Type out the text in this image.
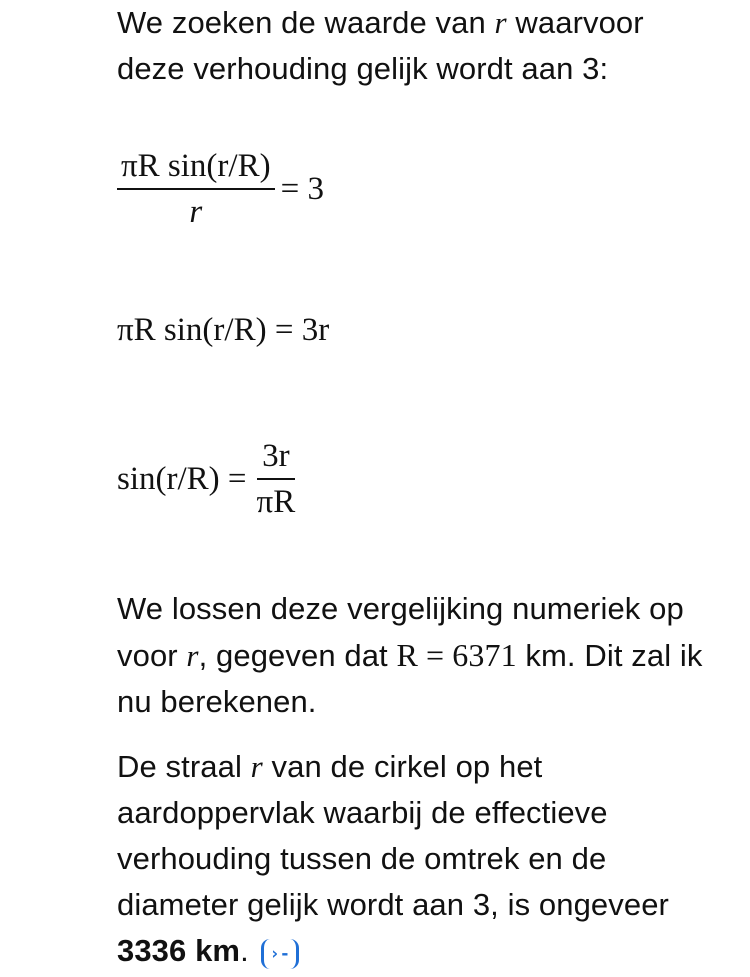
We zoeken de waarde van r waarvoor deze verhouding gelijk wordt aan 3:
$\frac{\text{πR sin(r/R)}}{r} = 3$
πR sin(r/R) = 3r
$\sin(r/R) = \frac{3r}{\pi R}$
We lossen deze vergelijking numeriek op voor r, gegeven dat R = 6371 km. Dit zal ik nu berekenen.
De straal r van de cirkel op het aardoppervlak waarbij de effectieve verhouding tussen de omtrek en de diameter gelijk wordt aan 3, is ongeveer 3336 km. ›-
